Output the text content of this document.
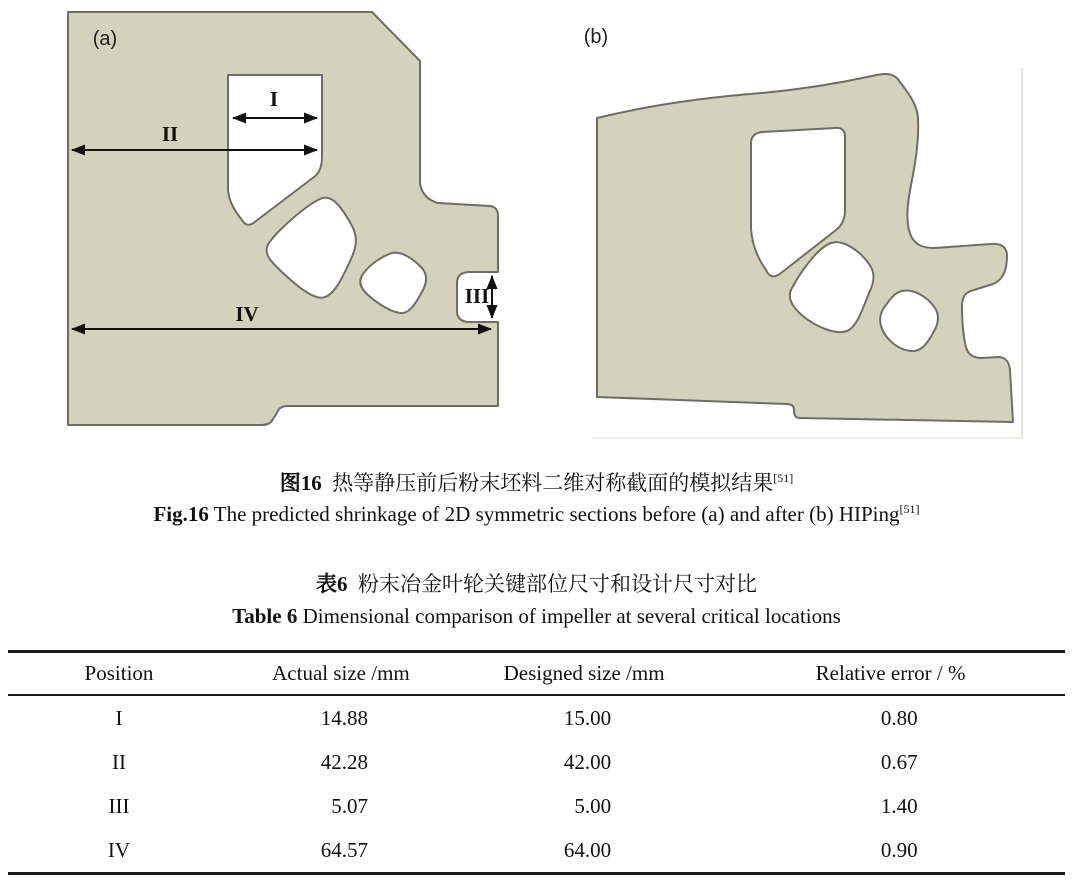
I
II
III
IV
(a)	(b)
图16 热等静压前后粉末坯料二维对称截面的模拟结果[51]
Fig.16 The predicted shrinkage of 2D symmetric sections before (a) and after (b) HIPing[51]
表6 粉末冶金叶轮关键部位尺寸和设计尺寸对比
Table 6 Dimensional comparison of impeller at several critical locations
Position	Actual size /mm	Designed size /mm	Relative error / %
I	14.88	15.00	0.80
II	42.28	42.00	0.67
III	5.07	5.00	1.40
IV	64.57	64.00	0.90
